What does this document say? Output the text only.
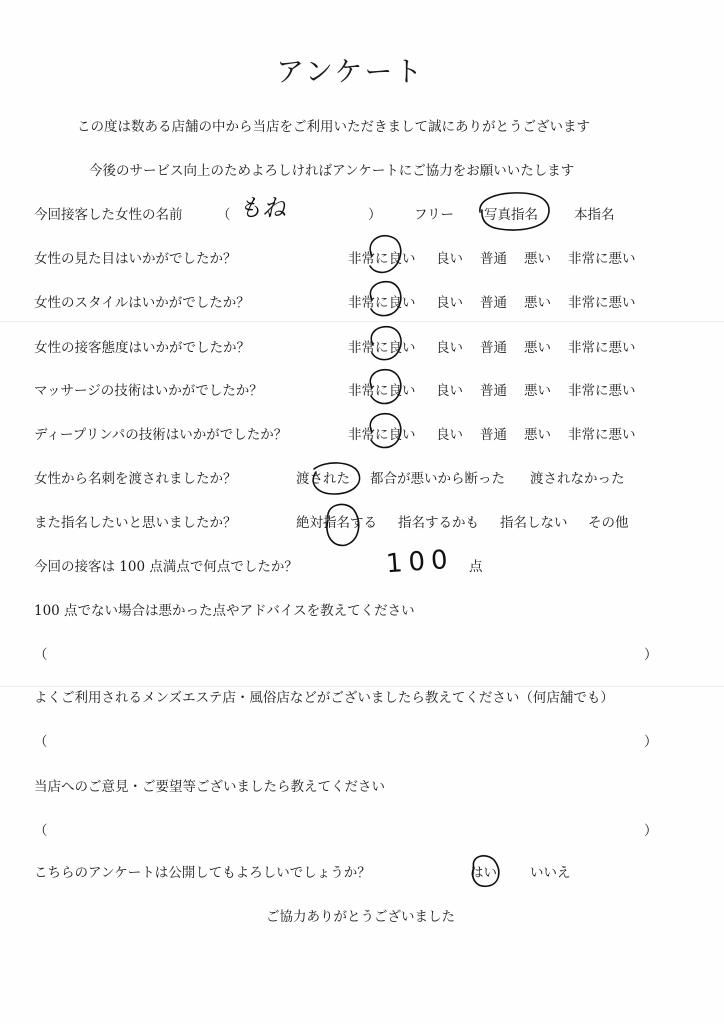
アンケート
この度は数ある店舗の中から当店をご利用いただきまして誠にありがとうございます
今後のサービス向上のためよろしければアンケートにご協力をお願いいたします
今回接客した女性の名前	（ もね	） フリー 写真指名	本指名
女性の見た目はいかがでしたか？	非常に良い 良い 普通 悪い 非常に悪い
女性のスタイルはいかがでしたか？	非常に良い 良い 普通 悪い 非常に悪い
女性の接客態度はいかがでしたか？	非常に良い 良い 普通 悪い 非常に悪い
マッサージの技術はいかがでしたか？	非常に良い 良い 普通 悪い 非常に悪い
ディープリンパの技術はいかがでしたか？	非常に良い 良い 普通 悪い 非常に悪い
女性から名刺を渡されましたか？	渡された 都合が悪いから断った 渡されなかった
また指名したいと思いましたか？	絶対指名する 指名するかも 指名しない その他
今回の接客は 100 点満点で何点でしたか？	100 点
100 点でない場合は悪かった点やアドバイスを教えてください
（	）
よくご利用されるメンズエステ店・風俗店などがございましたら教えてください（何店舗でも）
（	）
当店へのご意見・ご要望等ございましたら教えてください
（	）
こちらのアンケートは公開してもよろしいでしょうか？	はい いいえ
ご協力ありがとうございました
